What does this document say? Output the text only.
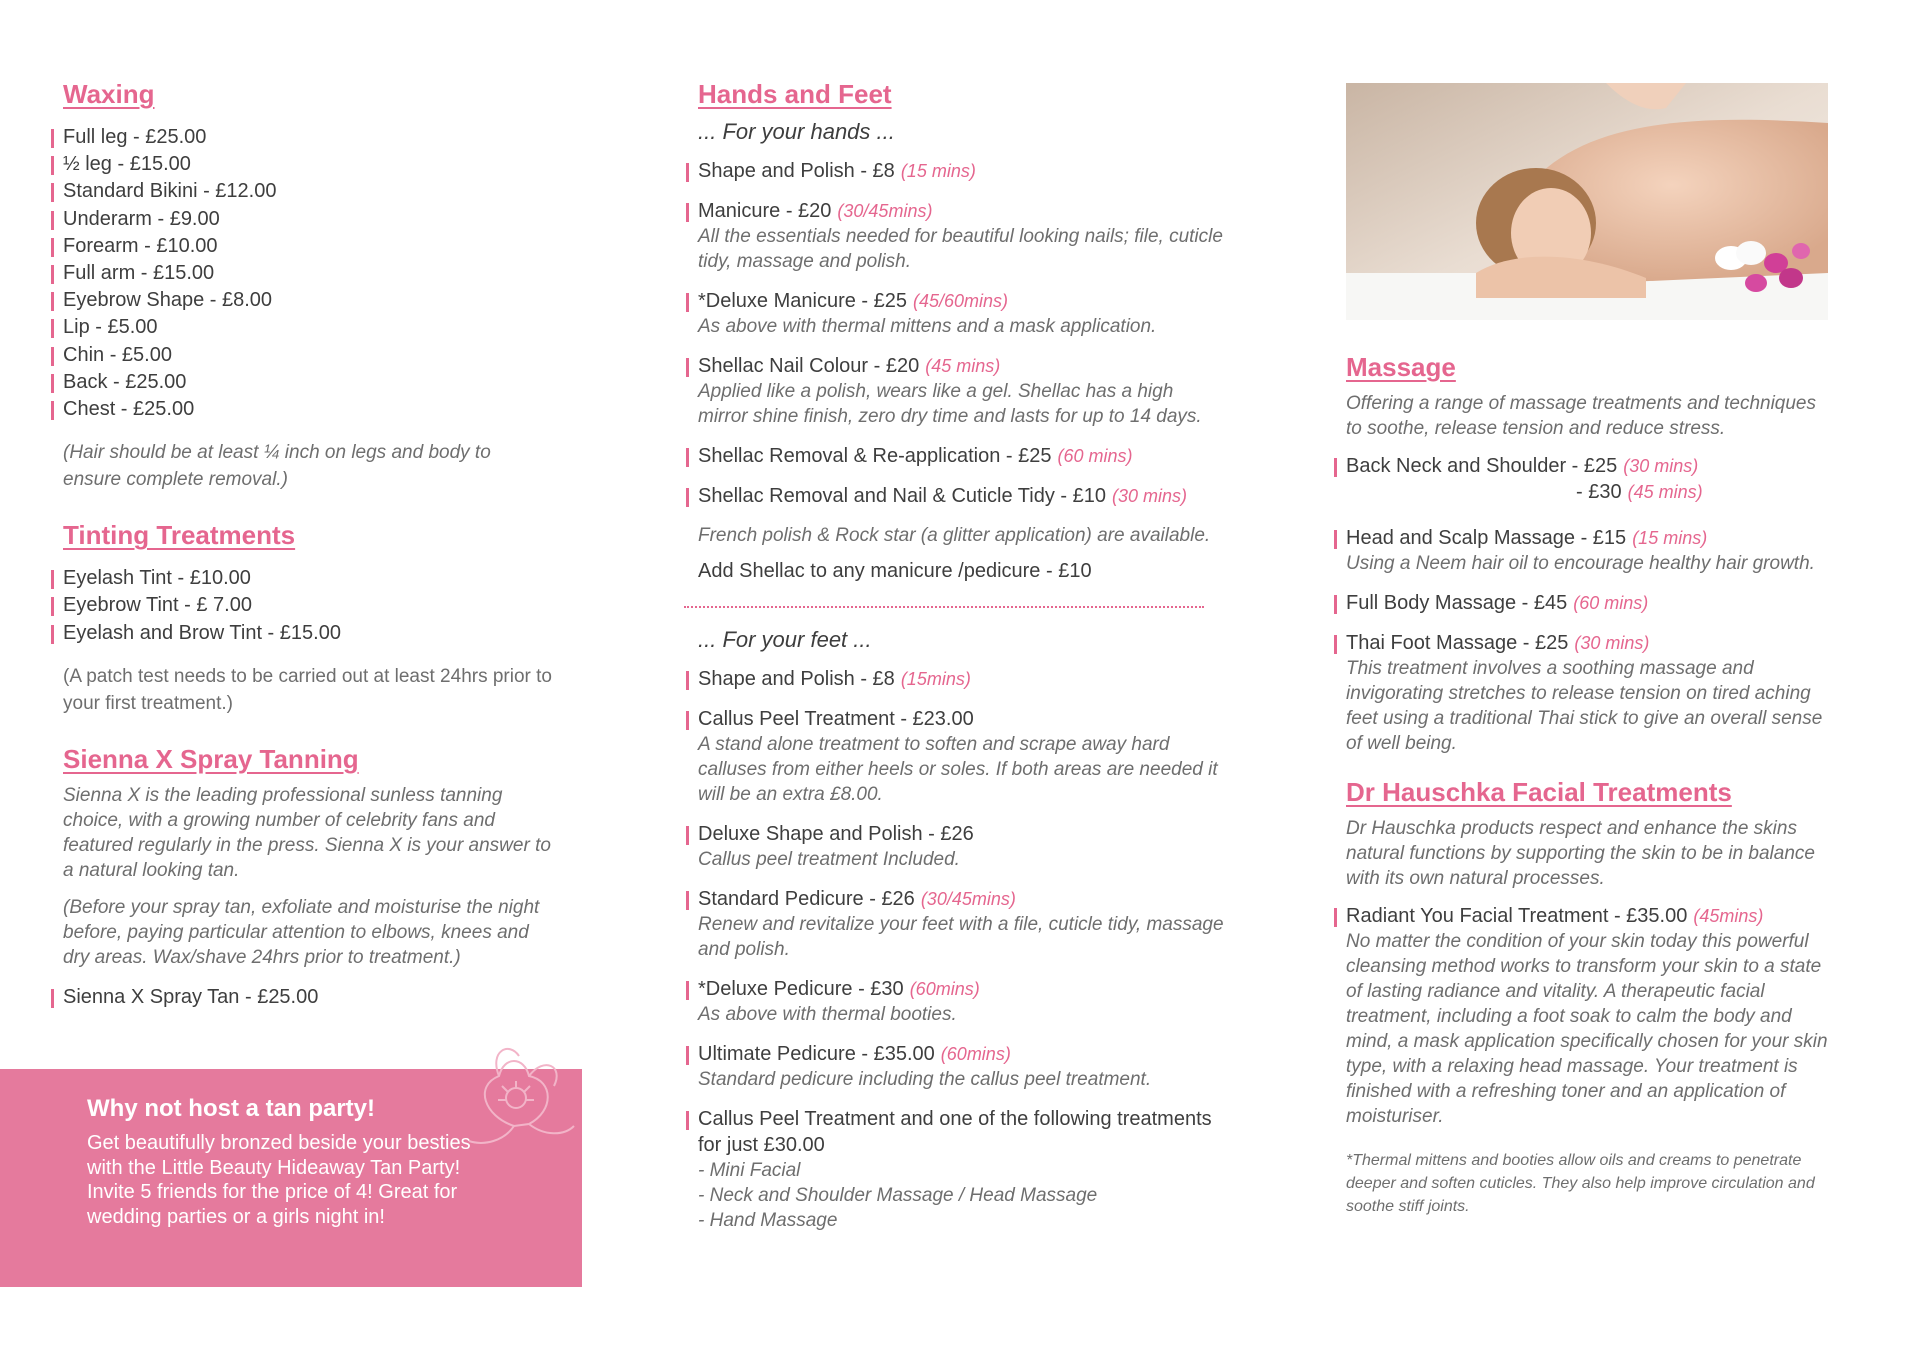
Waxing
Full leg - £25.00
½ leg - £15.00
Standard Bikini - £12.00
Underarm - £9.00
Forearm - £10.00
Full arm - £15.00
Eyebrow Shape - £8.00
Lip - £5.00
Chin - £5.00
Back - £25.00
Chest - £25.00

(Hair should be at least ¼ inch on legs and body to ensure complete removal.)

Tinting Treatments
Eyelash Tint - £10.00
Eyebrow Tint - £ 7.00
Eyelash and Brow Tint - £15.00

(A patch test needs to be carried out at least 24hrs prior to your first treatment.)

Sienna X Spray Tanning
Sienna X is the leading professional sunless tanning choice, with a growing number of celebrity fans and featured regularly in the press. Sienna X is your answer to a natural looking tan.
(Before your spray tan, exfoliate and moisturise the night before, paying particular attention to elbows, knees and dry areas. Wax/shave 24hrs prior to treatment.)
Sienna X Spray Tan - £25.00
Why not host a tan party!

Get beautifully bronzed beside your besties with the Little Beauty Hideaway Tan Party! Invite 5 friends for the price of 4! Great for wedding parties or a girls night in!

Hands and Feet
... For your hands ...
Shape and Polish - £8 (15 mins)
Manicure - £20 (30/45mins)
All the essentials needed for beautiful looking nails; file, cuticle tidy, massage and polish.
*Deluxe Manicure - £25 (45/60mins)
As above with thermal mittens and a mask application.
Shellac Nail Colour - £20 (45 mins)
Applied like a polish, wears like a gel. Shellac has a high mirror shine finish, zero dry time and lasts for up to 14 days.
Shellac Removal & Re-application - £25 (60 mins)
Shellac Removal and Nail & Cuticle Tidy - £10 (30 mins)
French polish & Rock star (a glitter application) are available.
Add Shellac to any manicure /pedicure - £10
... For your feet ...
Shape and Polish - £8 (15mins)
Callus Peel Treatment - £23.00
A stand alone treatment to soften and scrape away hard calluses from either heels or soles. If both areas are needed it will be an extra £8.00.
Deluxe Shape and Polish - £26
Callus peel treatment Included.
Standard Pedicure - £26 (30/45mins)
Renew and revitalize your feet with a file, cuticle tidy, massage and polish.
*Deluxe Pedicure - £30 (60mins)
As above with thermal booties.
Ultimate Pedicure - £35.00 (60mins)
Standard pedicure including the callus peel treatment.
Callus Peel Treatment and one of the following treatments for just £30.00
- Mini Facial
- Neck and Shoulder Massage / Head Massage
- Hand Massage
Massage
Offering a range of massage treatments and techniques to soothe, release tension and reduce stress.
Back Neck and Shoulder - £25 (30 mins)
- £30 (45 mins)
Head and Scalp Massage - £15 (15 mins)
Using a Neem hair oil to encourage healthy hair growth.
Full Body Massage - £45 (60 mins)
Thai Foot Massage - £25 (30 mins)
This treatment involves a soothing massage and invigorating stretches to release tension on tired aching feet using a traditional Thai stick to give an overall sense of well being.
Dr Hauschka Facial Treatments
Dr Hauschka products respect and enhance the skins natural functions by supporting the skin to be in balance with its own natural processes.
Radiant You Facial Treatment - £35.00 (45mins)
No matter the condition of your skin today this powerful cleansing method works to transform your skin to a state of lasting radiance and vitality. A therapeutic facial treatment, including a foot soak to calm the body and mind, a mask application specifically chosen for your skin type, with a relaxing head massage. Your treatment is finished with a refreshing toner and an application of moisturiser.
*Thermal mittens and booties allow oils and creams to penetrate deeper and soften cuticles. They also help improve circulation and soothe stiff joints.
